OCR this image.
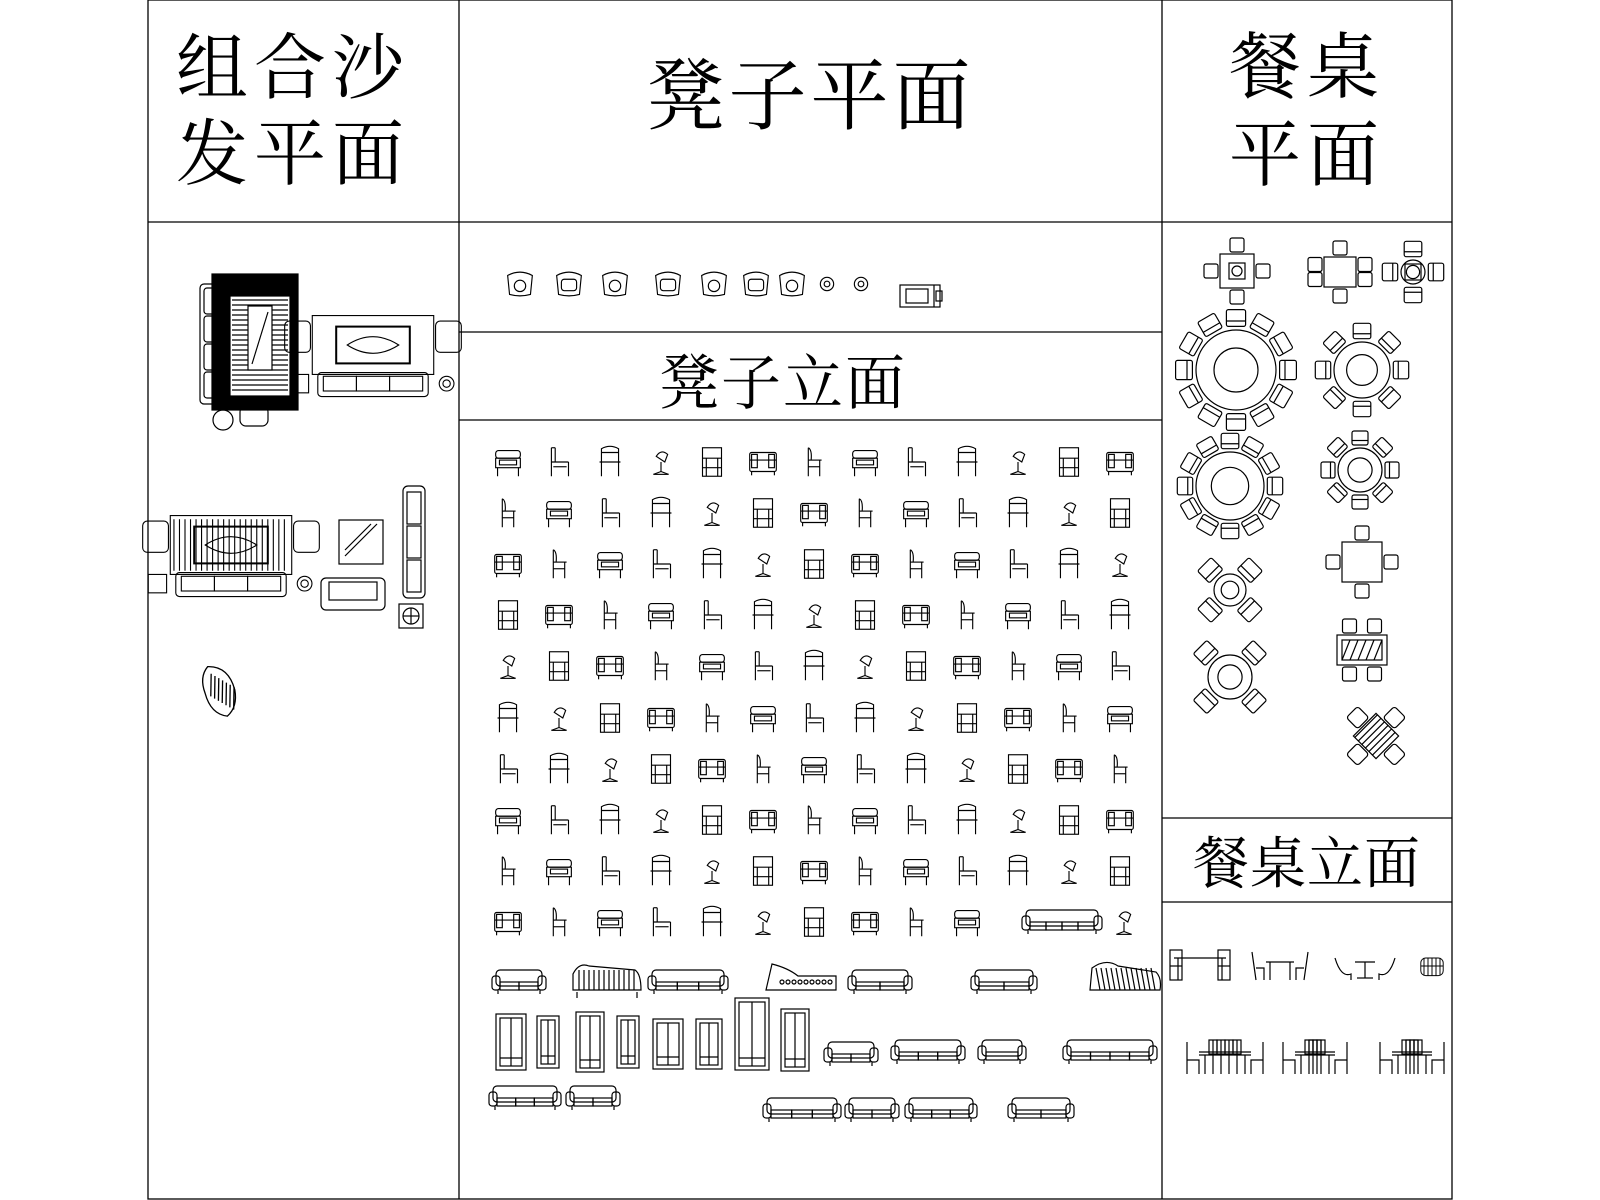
组合沙
发平面
凳子平面	餐桌
平面
凳子立面
餐桌立面
